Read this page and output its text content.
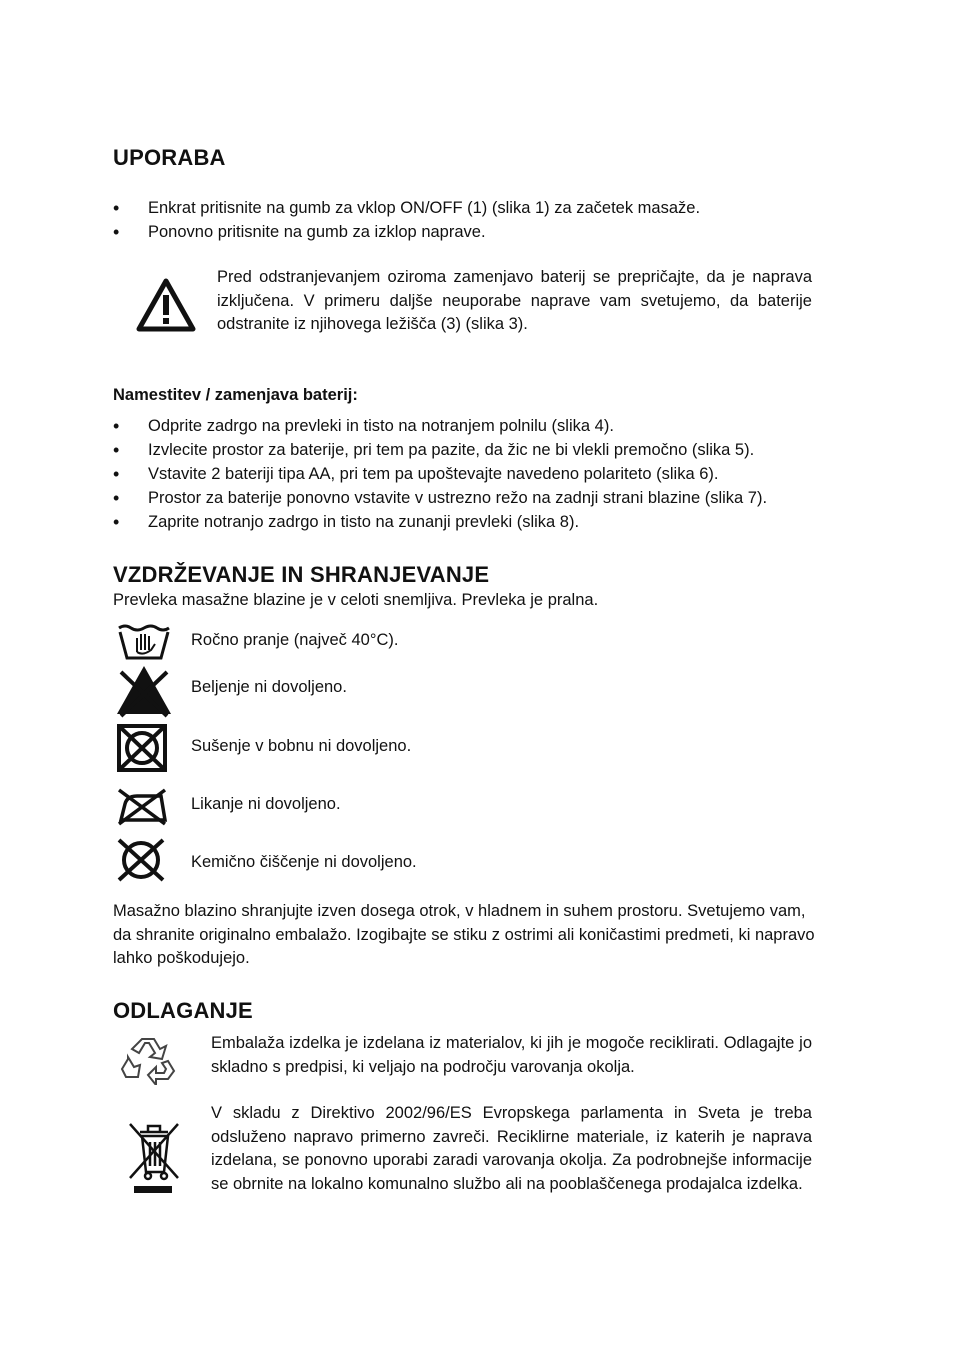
UPORABA
• Enkrat pritisnite na gumb za vklop ON/OFF (1) (slika 1) za začetek masaže.
• Ponovno pritisnite na gumb za izklop naprave.

Pred odstranjevanjem oziroma zamenjavo baterij se prepričajte, da je naprava izključena. V primeru daljše neuporabe naprave vam svetujemo, da baterije odstranite iz njihovega ležišča (3) (slika 3).

Namestitev / zamenjava baterij:

• Odprite zadrgo na prevleki in tisto na notranjem polnilu (slika 4).
• Izvlecite prostor za baterije, pri tem pa pazite, da žic ne bi vlekli premočno (slika 5).
• Vstavite 2 bateriji tipa AA, pri tem pa upoštevajte navedeno polariteto (slika 6).
• Prostor za baterije ponovno vstavite v ustrezno režo na zadnji strani blazine (slika 7).
• Zaprite notranjo zadrgo in tisto na zunanji prevleki (slika 8).
VZDRŽEVANJE IN SHRANJEVANJE

Prevleka masažne blazine je v celoti snemljiva. Prevleka je pralna.

Ročno pranje (največ 40°C).
Beljenje ni dovoljeno.
Sušenje v bobnu ni dovoljeno.
Likanje ni dovoljeno.
Kemično čiščenje ni dovoljeno.

Masažno blazino shranjujte izven dosega otrok, v hladnem in suhem prostoru. Svetujemo vam, da shranite originalno embalažo. Izogibajte se stiku z ostrimi ali koničastimi predmeti, ki napravo lahko poškodujejo.

ODLAGANJE

Embalaža izdelka je izdelana iz materialov, ki jih je mogoče reciklirati. Odlagajte jo skladno s predpisi, ki veljajo na področju varovanja okolja.

V skladu z Direktivo 2002/96/ES Evropskega parlamenta in Sveta je treba odsluženo napravo primerno zavreči. Reciklirne materiale, iz katerih je naprava izdelana, se ponovno uporabi zaradi varovanja okolja. Za podrobnejše informacije se obrnite na lokalno komunalno službo ali na pooblaščenega prodajalca izdelka.
